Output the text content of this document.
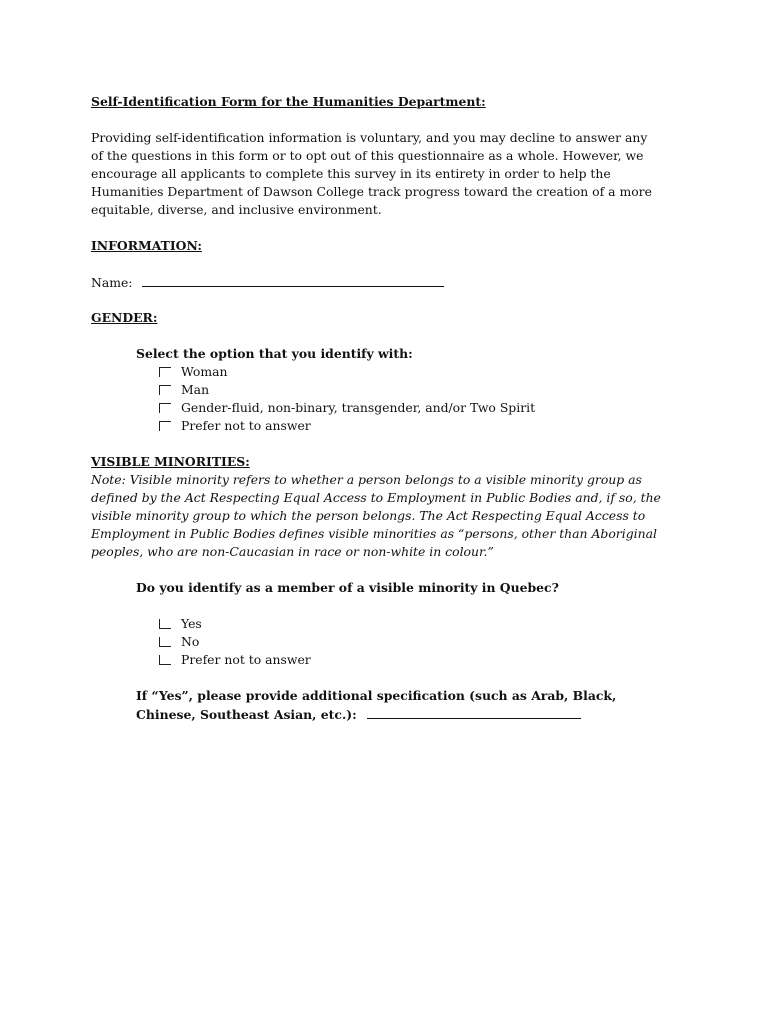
Self-Identification Form for the Humanities Department:

Providing self-identification information is voluntary, and you may decline to answer any of the questions in this form or to opt out of this questionnaire as a whole. However, we encourage all applicants to complete this survey in its entirety in order to help the Humanities Department of Dawson College track progress toward the creation of a more equitable, diverse, and inclusive environment.

INFORMATION:

Name:

GENDER:

Select the option that you identify with:

Woman
Man
Gender-fluid, non-binary, transgender, and/or Two Spirit
Prefer not to answer

VISIBLE MINORITIES:

Note: Visible minority refers to whether a person belongs to a visible minority group as defined by the Act Respecting Equal Access to Employment in Public Bodies and, if so, the visible minority group to which the person belongs. The Act Respecting Equal Access to Employment in Public Bodies defines visible minorities as “persons, other than Aboriginal peoples, who are non-Caucasian in race or non-white in colour.”

Do you identify as a member of a visible minority in Quebec?

Yes
No
Prefer not to answer
If “Yes”, please provide additional specification (such as Arab, Black,
Chinese, Southeast Asian, etc.):
